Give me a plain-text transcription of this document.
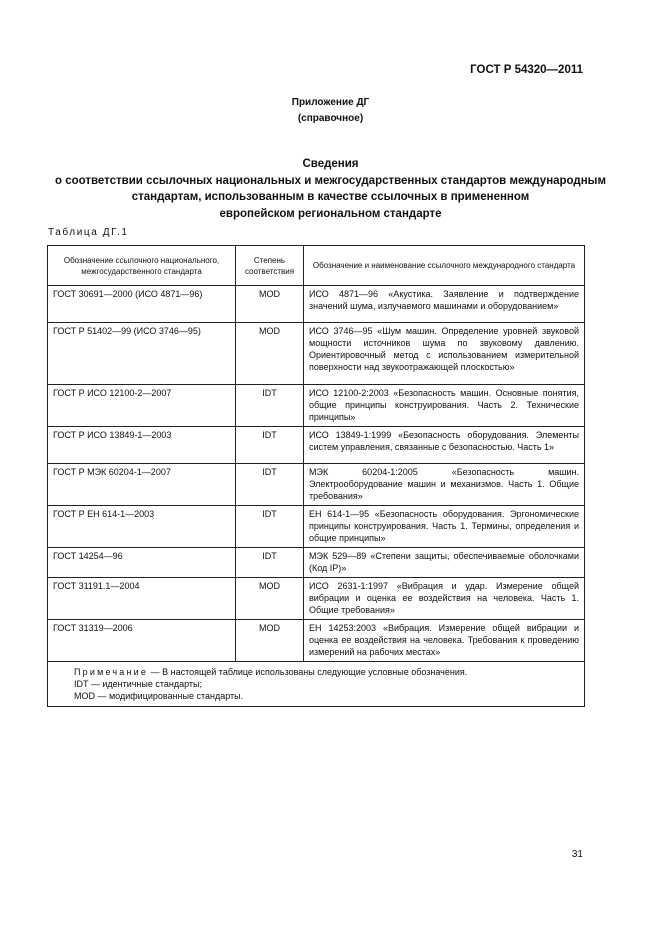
ГОСТ Р 54320—2011
Приложение ДГ
(справочное)
Сведения
о соответствии ссылочных национальных и межгосударственных стандартов международным
стандартам, использованным в качестве ссылочных в примененном
европейском региональном стандарте
Таблица ДГ.1
Обозначение ссылочного национального, межгосударственного стандарта	Степень соответствия	Обозначение и наименование ссылочного международного стандарта
ГОСТ 30691—2000 (ИСО 4871—96)	MOD	ИСО 4871—96 «Акустика. Заявление и подтверждение значений шума, излучаемого машинами и оборудованием»
ГОСТ Р 51402—99 (ИСО 3746—95)	MOD	ИСО 3746—95 «Шум машин. Определение уровней звуковой мощности источников шума по звуковому давлению. Ориентировочный метод с использованием измерительной поверхности над звукоотражающей плоскостью»
ГОСТ Р ИСО 12100-2—2007	IDT	ИСО 12100-2:2003 «Безопасность машин. Основные понятия, общие принципы конструирования. Часть 2. Технические принципы»
ГОСТ Р ИСО 13849-1—2003	IDT	ИСО 13849-1:1999 «Безопасность оборудования. Элементы систем управления, связанные с безопасностью. Часть 1»
ГОСТ Р МЭК 60204-1—2007	IDT	МЭК 60204-1:2005 «Безопасность машин. Электрооборудование машин и механизмов. Часть 1. Общие требования»
ГОСТ Р ЕН 614-1—2003	IDT	ЕН 614-1—95 «Безопасность оборудования. Эргономические принципы конструирования. Часть 1. Термины, определения и общие принципы»
ГОСТ 14254—96	IDT	МЭК 529—89 «Степени защиты, обеспечиваемые оболочками (Код IP)»
ГОСТ 31191.1—2004	MOD	ИСО 2631-1:1997 «Вибрация и удар. Измерение общей вибрации и оценка ее воздействия на человека. Часть 1. Общие требования»
ГОСТ 31319—2006	MOD	ЕН 14253:2003 «Вибрация. Измерение общей вибрации и оценка ее воздействия на человека. Требования к проведению измерений на рабочих местах»

Примечание — В настоящей таблице использованы следующие условные обозначения.
IDT — идентичные стандарты;
MOD — модифицированные стандарты.		
31
